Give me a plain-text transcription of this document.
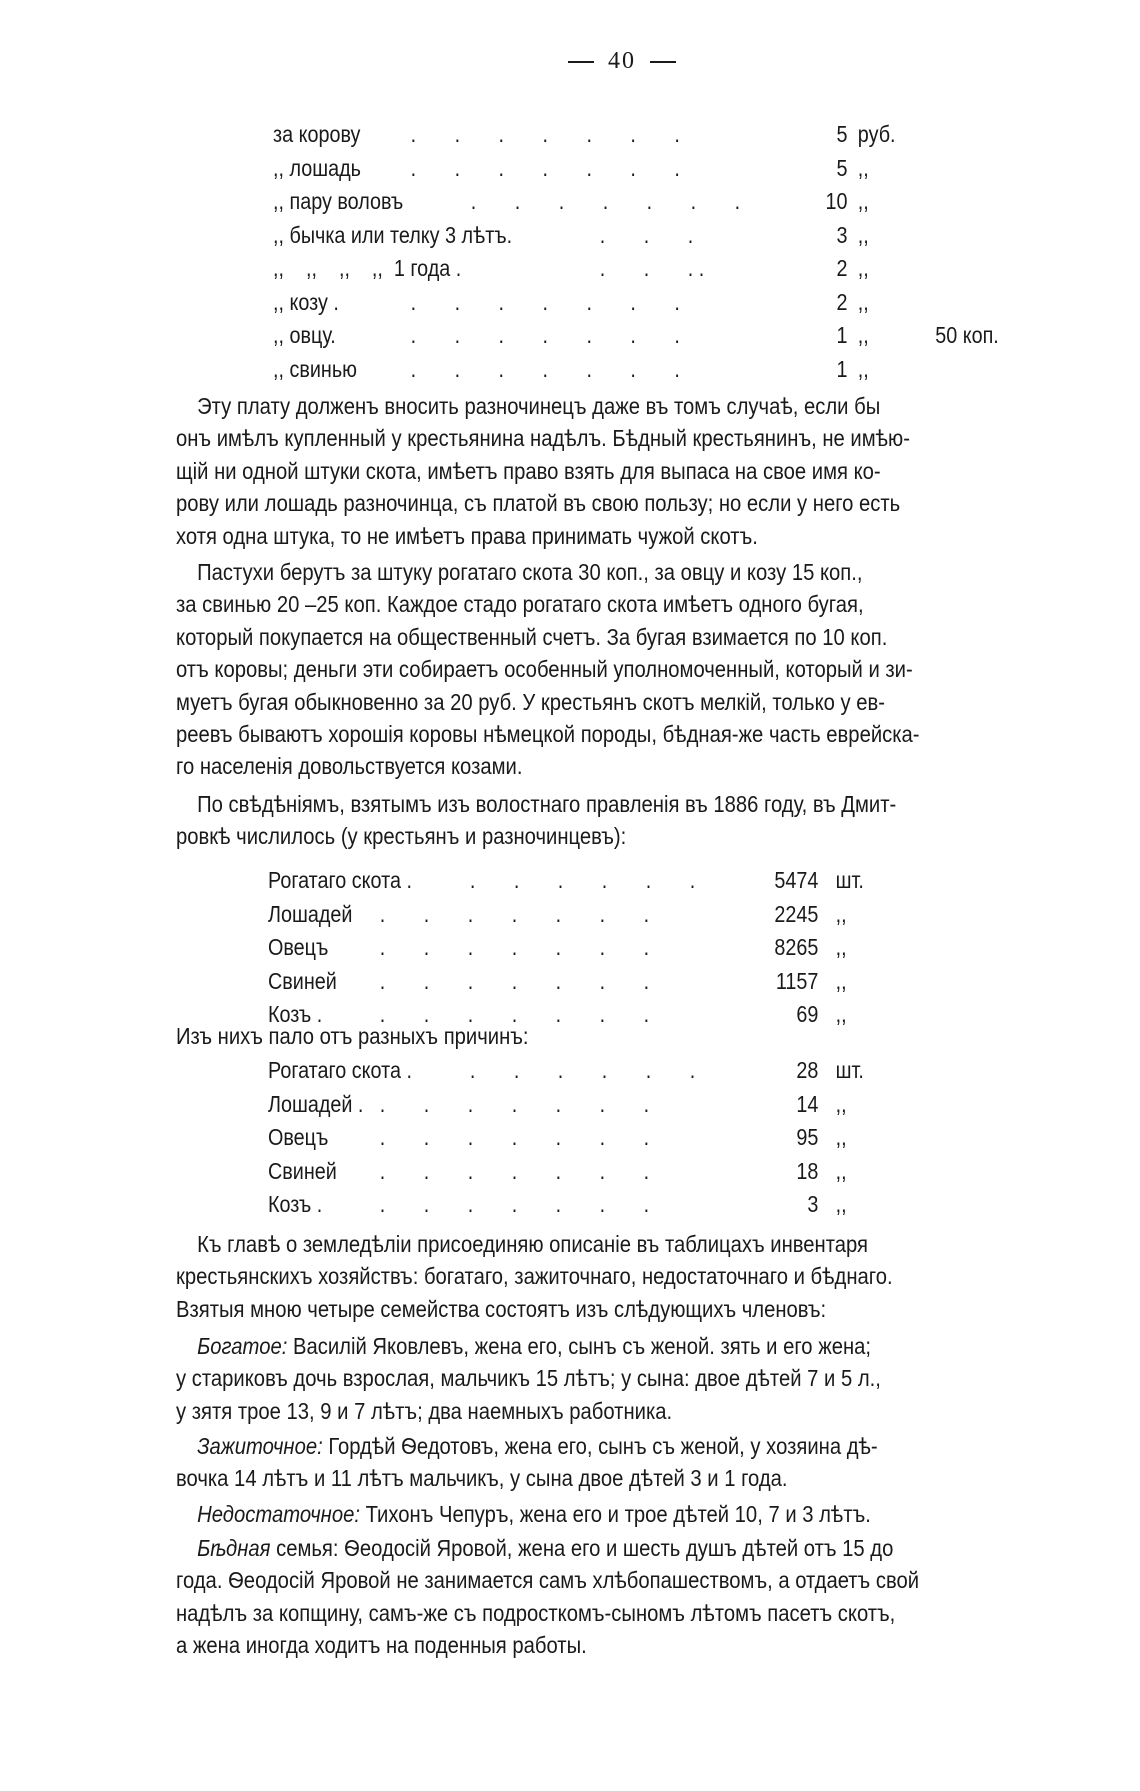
40
за корову .       .       .       .       .       .       .	5 руб.
,, лошадь .       .       .       .       .       .       .	5 ,,
,, пару воловъ	.       .       .       .       .       .       .	10 ,,
,, бычка или телку 3 лѣтъ.	.       .       .	3 ,,
,,    ,,    ,,    ,,  1 года .	.       .       . .	2 ,,
,, козу .	.       .       .       .       .       .       .	2 ,,
,, овцу.	.       .       .       .       .       .       .	1 ,,	50 коп.
,, свинью .       .       .       .       .       .       .	1 ,,
Эту плату долженъ вносить разночинецъ даже въ томъ случаѣ, если бы
онъ имѣлъ купленный у крестьянина надѣлъ. Бѣдный крестьянинъ, не имѣю-
щій ни одной штуки скота, имѣетъ право взять для выпаса на свое имя ко-
рову или лошадь разночинца, съ платой въ свою пользу; но если у него есть
хотя одна штука, то не имѣетъ права принимать чужой скотъ.
Пастухи берутъ за штуку рогатаго скота 30 коп., за овцу и козу 15 коп.,
за свинью 20 –25 коп. Каждое стадо рогатаго скота имѣетъ одного бугая,
который покупается на общественный счетъ. За бугая взимается по 10 коп.
отъ коровы; деньги эти собираетъ особенный уполномоченный, который и зи-
муетъ бугая обыкновенно за 20 руб. У крестьянъ скотъ мелкій, только у ев-
реевъ бываютъ хорошія коровы нѣмецкой породы, бѣдная-же часть еврейска-
го населенія довольствуется козами.
По свѣдѣніямъ, взятымъ изъ волостнаго правленія въ 1886 году, въ Дмит-
ровкѣ числилось (у крестьянъ и разночинцевъ):
Рогатаго скота . .       .       .       .       .       .	5474 шт.
Лошадей .       .       .       .       .       .       .	2245 ,,
Овецъ .       .       .       .       .       .       .	8265 ,,
Свиней .       .       .       .       .       .       .	1157 ,,
Козъ . .       .       .       .       .       .       .	69 ,,
Изъ нихъ пало отъ разныхъ причинъ:
Рогатаго скота . .       .       .       .       .       .	28 шт.
Лошадей . .       .       .       .       .       .       .	14 ,,
Овецъ .       .       .       .       .       .       .	95 ,,
Свиней .       .       .       .       .       .       .	18 ,,
Козъ . .       .       .       .       .       .       .	3 ,,
Къ главѣ о земледѣліи присоединяю описаніе въ таблицахъ инвентаря
крестьянскихъ хозяйствъ: богатаго, зажиточнаго, недостаточнаго и бѣднаго.
Взятыя мною четыре семейства состоятъ изъ слѣдующихъ членовъ:
Богатое: Василій Яковлевъ, жена его, сынъ съ женой. зять и его жена;
у стариковъ дочь взрослая, мальчикъ 15 лѣтъ; у сына: двое дѣтей 7 и 5 л.,
у зятя трое 13, 9 и 7 лѣтъ; два наемныхъ работника.
Зажиточное: Гордѣй Ѳедотовъ, жена его, сынъ съ женой, у хозяина дѣ-
вочка 14 лѣтъ и 11 лѣтъ мальчикъ, у сына двое дѣтей 3 и 1 года.
Недостаточное: Тихонъ Чепуръ, жена его и трое дѣтей 10, 7 и 3 лѣтъ.
Бѣдная семья: Ѳеодосій Яровой, жена его и шесть душъ дѣтей отъ 15 до
года. Ѳеодосій Яровой не занимается самъ хлѣбопашествомъ, а отдаетъ свой
надѣлъ за копщину, самъ-же съ подросткомъ-сыномъ лѣтомъ пасетъ скотъ,
а жена иногда ходитъ на поденныя работы.
